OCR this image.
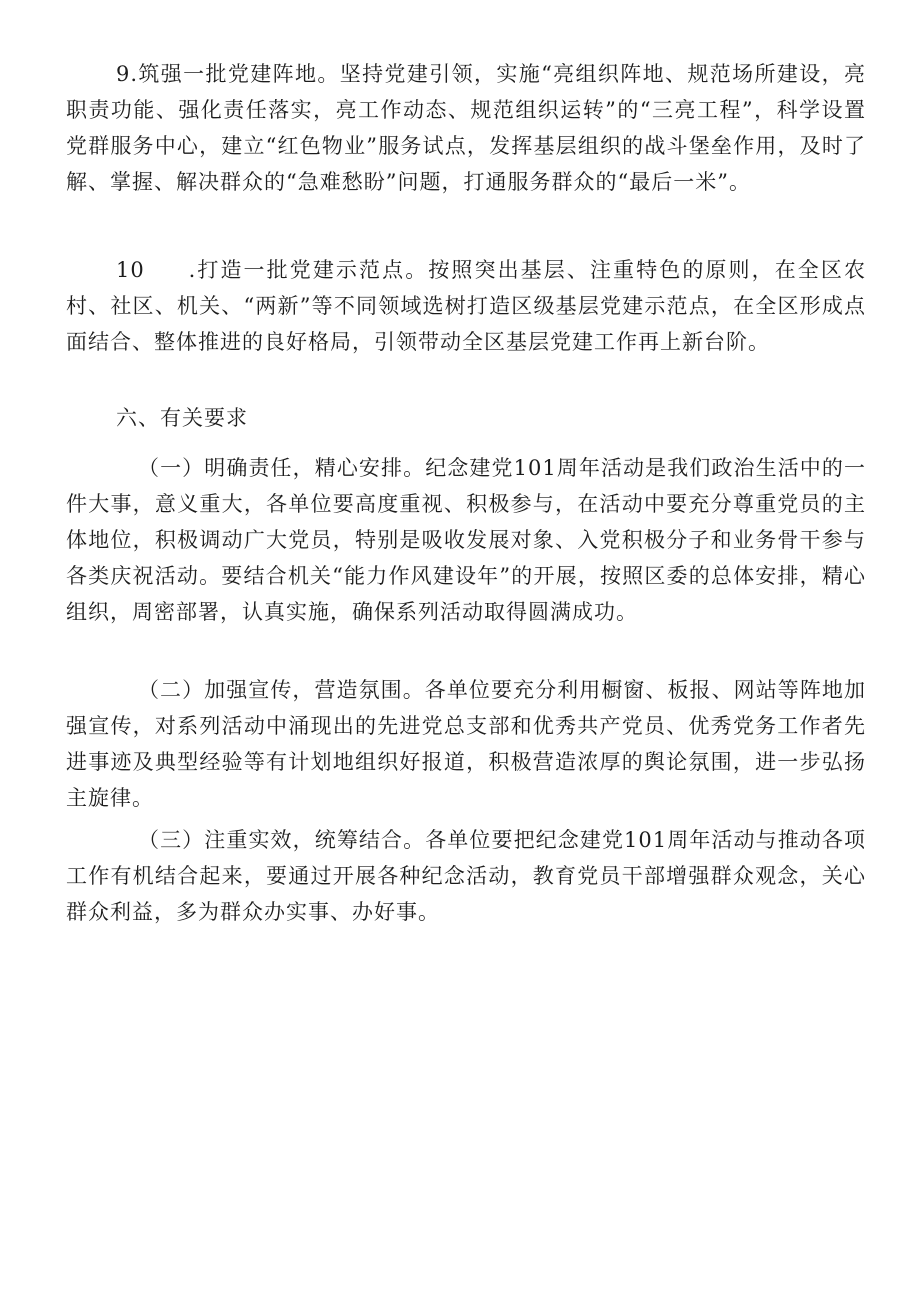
9.筑强一批党建阵地。坚持党建引领，实施“亮组织阵地、规范场所建设，亮职责功能、强化责任落实，亮工作动态、规范组织运转”的“三亮工程”，科学设置党群服务中心，建立“红色物业”服务试点，发挥基层组织的战斗堡垒作用，及时了解、掌握、解决群众的“急难愁盼”问题，打通服务群众的“最后一米”。

10 .打造一批党建示范点。按照突出基层、注重特色的原则，在全区农村、社区、机关、“两新”等不同领域选树打造区级基层党建示范点，在全区形成点面结合、整体推进的良好格局，引领带动全区基层党建工作再上新台阶。

六、有关要求

（一）明确责任，精心安排。纪念建党101周年活动是我们政治生活中的一件大事，意义重大，各单位要高度重视、积极参与，在活动中要充分尊重党员的主体地位，积极调动广大党员，特别是吸收发展对象、入党积极分子和业务骨干参与各类庆祝活动。要结合机关“能力作风建设年”的开展，按照区委的总体安排，精心组织，周密部署，认真实施，确保系列活动取得圆满成功。

（二）加强宣传，营造氛围。各单位要充分利用橱窗、板报、网站等阵地加强宣传，对系列活动中涌现出的先进党总支部和优秀共产党员、优秀党务工作者先进事迹及典型经验等有计划地组织好报道，积极营造浓厚的舆论氛围，进一步弘扬主旋律。

（三）注重实效，统筹结合。各单位要把纪念建党101周年活动与推动各项工作有机结合起来，要通过开展各种纪念活动，教育党员干部增强群众观念，关心群众利益，多为群众办实事、办好事。
